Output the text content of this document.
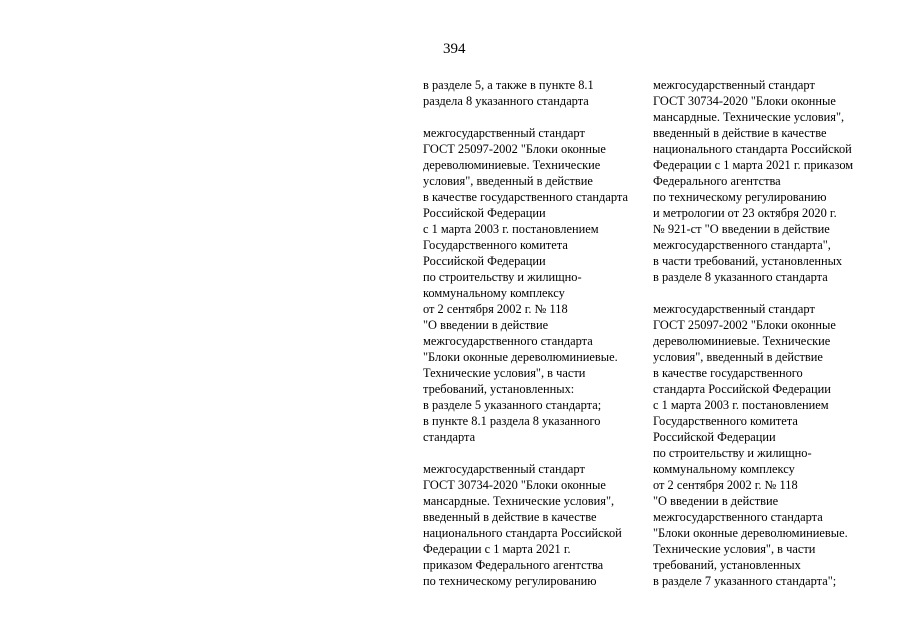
394
в разделе 5, а также в пункте 8.1
раздела 8 указанного стандарта
межгосударственный стандарт
ГОСТ 25097-2002 "Блоки оконные
дереволюминиевые. Технические
условия", введенный в действие
в качестве государственного стандарта
Российской Федерации
с 1 марта 2003 г. постановлением
Государственного комитета
Российской Федерации
по строительству и жилищно-
коммунальному комплексу
от 2 сентября 2002 г. № 118
"О введении в действие
межгосударственного стандарта
"Блоки оконные дереволюминиевые.
Технические условия", в части
требований, установленных:
в разделе 5 указанного стандарта;
в пункте 8.1 раздела 8 указанного
стандарта
межгосударственный стандарт
ГОСТ 30734-2020 "Блоки оконные
мансардные. Технические условия",
введенный в действие в качестве
национального стандарта Российской
Федерации с 1 марта 2021 г.
приказом Федерального агентства
по техническому регулированию
межгосударственный стандарт
ГОСТ 30734-2020 "Блоки оконные
мансардные. Технические условия",
введенный в действие в качестве
национального стандарта Российской
Федерации с 1 марта 2021 г. приказом
Федерального агентства
по техническому регулированию
и метрологии от 23 октября 2020 г.
№ 921-ст "О введении в действие
межгосударственного стандарта",
в части требований, установленных
в разделе 8 указанного стандарта
межгосударственный стандарт
ГОСТ 25097-2002 "Блоки оконные
дереволюминиевые. Технические
условия", введенный в действие
в качестве государственного
стандарта Российской Федерации
с 1 марта 2003 г. постановлением
Государственного комитета
Российской Федерации
по строительству и жилищно-
коммунальному комплексу
от 2 сентября 2002 г. № 118
"О введении в действие
межгосударственного стандарта
"Блоки оконные дереволюминиевые.
Технические условия", в части
требований, установленных
в разделе 7 указанного стандарта";
